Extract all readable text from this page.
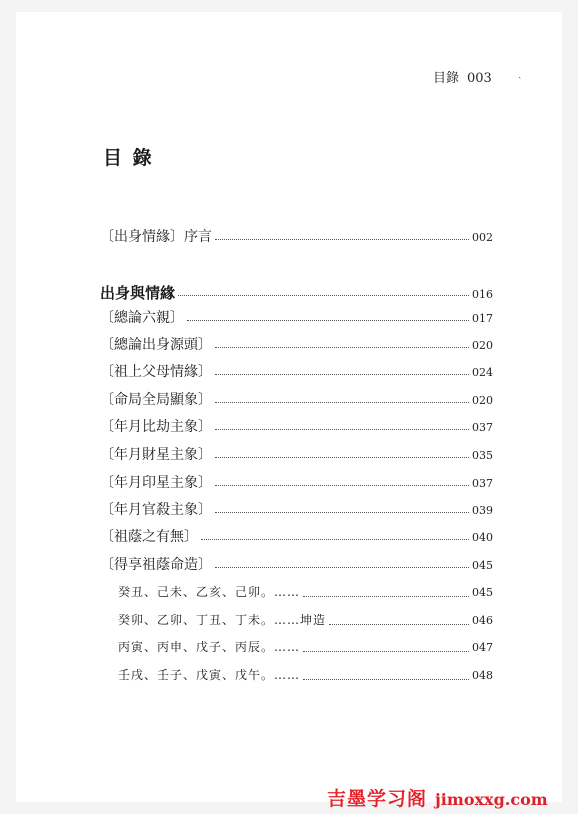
目錄 003	ˎ
目 錄
〔出身情緣〕序言	002
出身與情緣	016
〔總論六親〕	017
〔總論出身源頭〕	020
〔祖上父母情緣〕	024
〔命局全局顯象〕	020
〔年月比劫主象〕	037
〔年月財星主象〕	035
〔年月印星主象〕	037
〔年月官殺主象〕	039
〔祖蔭之有無〕	040
〔得享祖蔭命造〕	045
癸丑、己未、乙亥、己卯。……	045
癸卯、乙卯、丁丑、丁未。……坤造	046
丙寅、丙申、戊子、丙辰。……	047
壬戌、壬子、戊寅、戊午。……	048
吉墨学习阁 jimoxxg.com
